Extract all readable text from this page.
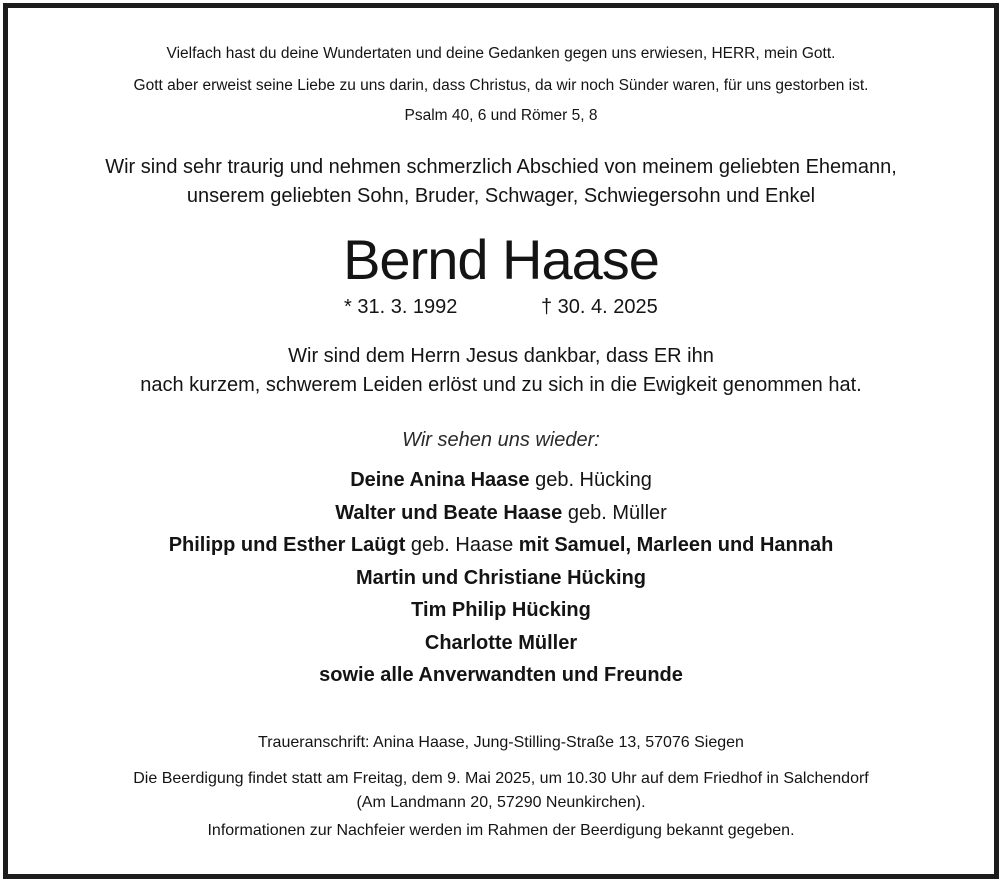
Vielfach hast du deine Wundertaten und deine Gedanken gegen uns erwiesen, HERR, mein Gott.
Gott aber erweist seine Liebe zu uns darin, dass Christus, da wir noch Sünder waren, für uns gestorben ist.
Psalm 40, 6 und Römer 5, 8
Wir sind sehr traurig und nehmen schmerzlich Abschied von meinem geliebten Ehemann,
unserem geliebten Sohn, Bruder, Schwager, Schwiegersohn und Enkel
Bernd Haase
* 31. 3. 1992	† 30. 4. 2025
Wir sind dem Herrn Jesus dankbar, dass ER ihn
nach kurzem, schwerem Leiden erlöst und zu sich in die Ewigkeit genommen hat.
Wir sehen uns wieder:
Deine Anina Haase geb. Hücking
Walter und Beate Haase geb. Müller
Philipp und Esther Laügt geb. Haase mit Samuel, Marleen und Hannah
Martin und Christiane Hücking
Tim Philip Hücking
Charlotte Müller
sowie alle Anverwandten und Freunde
Traueranschrift: Anina Haase, Jung-Stilling-Straße 13, 57076 Siegen
Die Beerdigung findet statt am Freitag, dem 9. Mai 2025, um 10.30 Uhr auf dem Friedhof in Salchendorf
(Am Landmann 20, 57290 Neunkirchen).
Informationen zur Nachfeier werden im Rahmen der Beerdigung bekannt gegeben.
